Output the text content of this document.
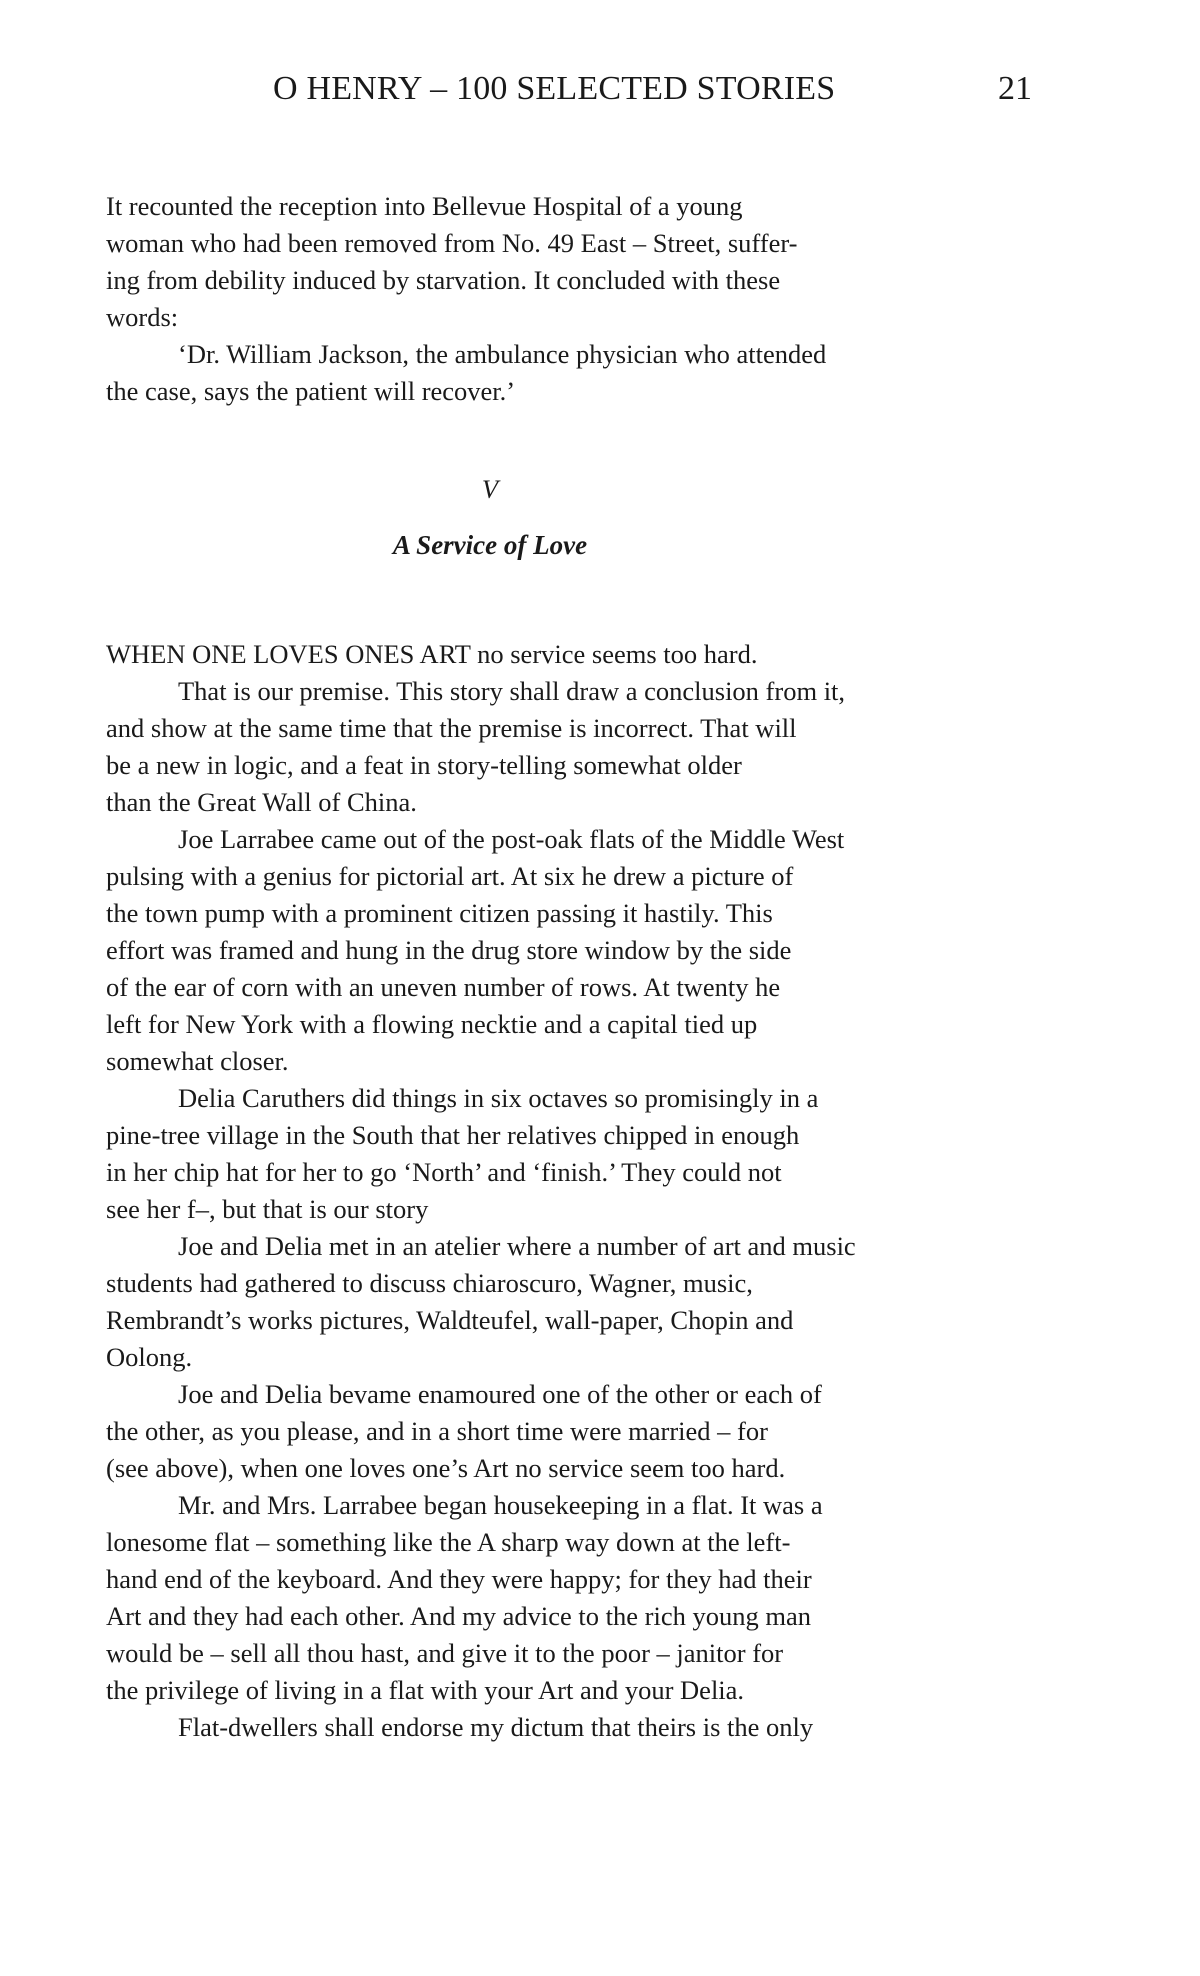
O HENRY – 100 SELECTED STORIES	21
It recounted the reception into Bellevue Hospital of a young
woman who had been removed from No. 49 East – Street, suffer-
ing from debility induced by starvation. It concluded with these
words:
‘Dr. William Jackson, the ambulance physician who attended
the case, says the patient will recover.’
V
A Service of Love
WHEN ONE LOVES ONES ART no service seems too hard.
That is our premise. This story shall draw a conclusion from it,
and show at the same time that the premise is incorrect. That will
be a new in logic, and a feat in story-telling somewhat older
than the Great Wall of China.
Joe Larrabee came out of the post-oak flats of the Middle West
pulsing with a genius for pictorial art. At six he drew a picture of
the town pump with a prominent citizen passing it hastily. This
effort was framed and hung in the drug store window by the side
of the ear of corn with an uneven number of rows. At twenty he
left for New York with a flowing necktie and a capital tied up
somewhat closer.
Delia Caruthers did things in six octaves so promisingly in a
pine-tree village in the South that her relatives chipped in enough
in her chip hat for her to go ‘North’ and ‘finish.’ They could not
see her f–, but that is our story
Joe and Delia met in an atelier where a number of art and music
students had gathered to discuss chiaroscuro, Wagner, music,
Rembrandt’s works pictures, Waldteufel, wall-paper, Chopin and
Oolong.
Joe and Delia bevame enamoured one of the other or each of
the other, as you please, and in a short time were married – for
(see above), when one loves one’s Art no service seem too hard.
Mr. and Mrs. Larrabee began housekeeping in a flat. It was a
lonesome flat – something like the A sharp way down at the left-
hand end of the keyboard. And they were happy; for they had their
Art and they had each other. And my advice to the rich young man
would be – sell all thou hast, and give it to the poor – janitor for
the privilege of living in a flat with your Art and your Delia.
Flat-dwellers shall endorse my dictum that theirs is the only
